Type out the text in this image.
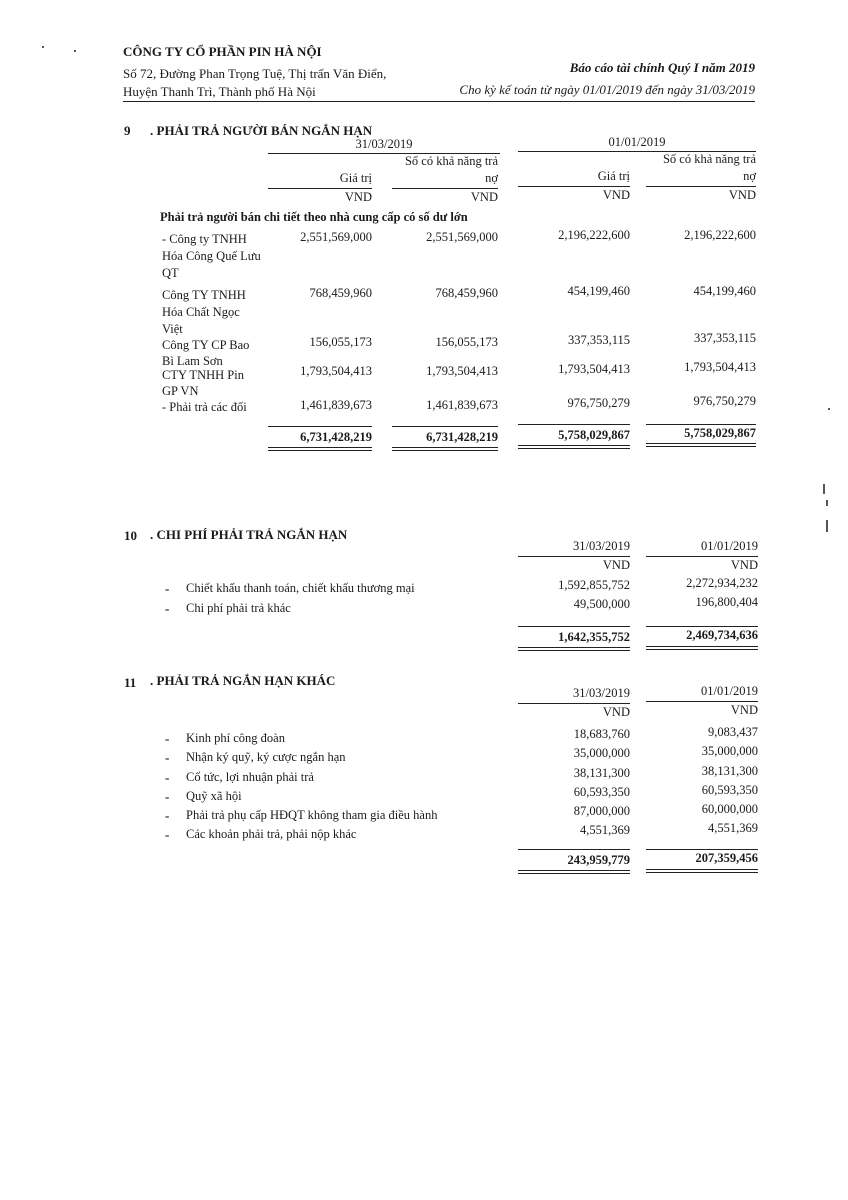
CÔNG TY CỔ PHẦN PIN HÀ NỘI
Số 72, Đường Phan Trọng Tuệ, Thị trấn Văn Điển,
Huyện Thanh Trì, Thành phố Hà Nội
Báo cáo tài chính Quý I năm 2019
Cho kỳ kế toán từ ngày 01/01/2019 đến ngày 31/03/2019
9 . PHẢI TRẢ NGƯỜI BÁN NGẮN HẠN
31/03/2019	01/01/2019
Số có khả năng trả	Số có khả năng trả
Giá trị	nợ	Giá trị	nợ
VND	VND	VND	VND
Phải trả người bán chi tiết theo nhà cung cấp có số dư lớn
- Công ty TNHH
Hóa Công Quế Lưu
QT
2,551,569,000	2,551,569,000	2,196,222,600	2,196,222,600
Công TY TNHH
Hóa Chất Ngọc
Việt
768,459,960	768,459,960	454,199,460	454,199,460
Công TY CP Bao
Bì Lam Sơn
156,055,173	156,055,173	337,353,115	337,353,115
CTY TNHH Pin
GP VN
1,793,504,413	1,793,504,413	1,793,504,413	1,793,504,413
- Phải trả các đối	1,461,839,673	1,461,839,673	976,750,279	976,750,279
6,731,428,219	6,731,428,219	5,758,029,867	5,758,029,867
10 . CHI PHÍ PHẢI TRẢ NGẮN HẠN
31/03/2019	01/01/2019
VND	VND
- Chiết khấu thanh toán, chiết khấu thương mại	1,592,855,752	2,272,934,232
- Chi phí phải trả khác	49,500,000	196,800,404
1,642,355,752	2,469,734,636
11 . PHẢI TRẢ NGẮN HẠN KHÁC
31/03/2019	01/01/2019
VND	VND
- Kinh phí công đoàn	18,683,760	9,083,437
- Nhận ký quỹ, ký cược ngắn hạn	35,000,000	35,000,000
- Cổ tức, lợi nhuận phải trả	38,131,300	38,131,300
- Quỹ xã hội	60,593,350	60,593,350
- Phải trả phụ cấp HĐQT không tham gia điều hành	87,000,000	60,000,000
- Các khoản phải trả, phải nộp khác	4,551,369	4,551,369
243,959,779	207,359,456
